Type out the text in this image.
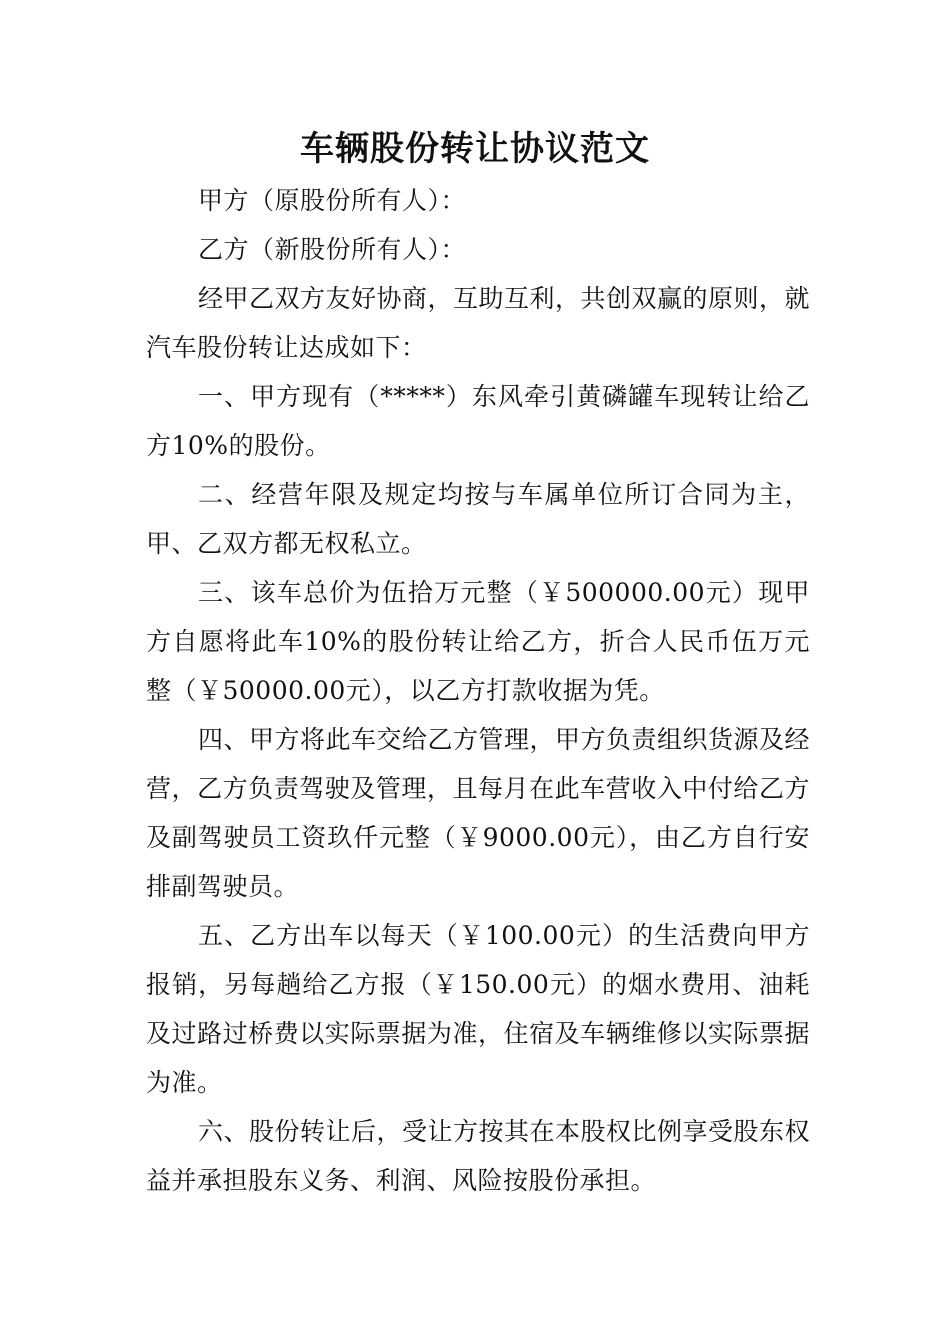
车辆股份转让协议范文

甲方（原股份所有人）：

乙方（新股份所有人）：

经甲乙双方友好协商，互助互利，共创双赢的原则，就汽车股份转让达成如下：

一、甲方现有（*****）东风牵引黄磷罐车现转让给乙方10%的股份。

二、经营年限及规定均按与车属单位所订合同为主，甲、乙双方都无权私立。

三、该车总价为伍拾万元整（￥500000.00元）现甲方自愿将此车10%的股份转让给乙方，折合人民币伍万元整（￥50000.00元），以乙方打款收据为凭。

四、甲方将此车交给乙方管理，甲方负责组织货源及经营，乙方负责驾驶及管理，且每月在此车营收入中付给乙方及副驾驶员工资玖仟元整（￥9000.00元），由乙方自行安排副驾驶员。

五、乙方出车以每天（￥100.00元）的生活费向甲方报销，另每趟给乙方报（￥150.00元）的烟水费用、油耗及过路过桥费以实际票据为准，住宿及车辆维修以实际票据为准。

六、股份转让后，受让方按其在本股权比例享受股东权益并承担股东义务、利润、风险按股份承担。
